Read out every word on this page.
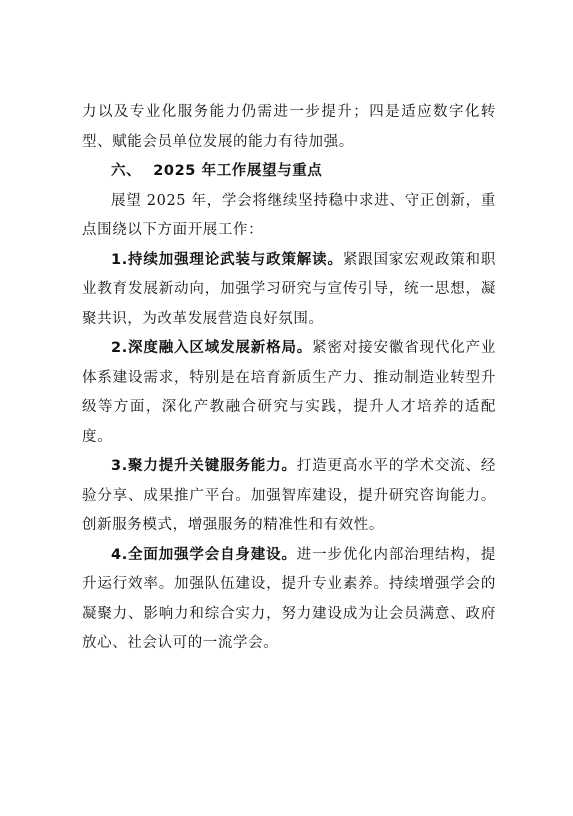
力以及专业化服务能力仍需进一步提升；四是适应数字化转型、赋能会员单位发展的能力有待加强。

六、 2025 年工作展望与重点

展望 2025 年，学会将继续坚持稳中求进、守正创新，重点围绕以下方面开展工作：

1.持续加强理论武装与政策解读。紧跟国家宏观政策和职业教育发展新动向，加强学习研究与宣传引导，统一思想，凝聚共识，为改革发展营造良好氛围。

2.深度融入区域发展新格局。紧密对接安徽省现代化产业体系建设需求，特别是在培育新质生产力、推动制造业转型升级等方面，深化产教融合研究与实践，提升人才培养的适配度。

3.聚力提升关键服务能力。打造更高水平的学术交流、经验分享、成果推广平台。加强智库建设，提升研究咨询能力。创新服务模式，增强服务的精准性和有效性。

4.全面加强学会自身建设。进一步优化内部治理结构，提升运行效率。加强队伍建设，提升专业素养。持续增强学会的凝聚力、影响力和综合实力，努力建设成为让会员满意、政府放心、社会认可的一流学会。
